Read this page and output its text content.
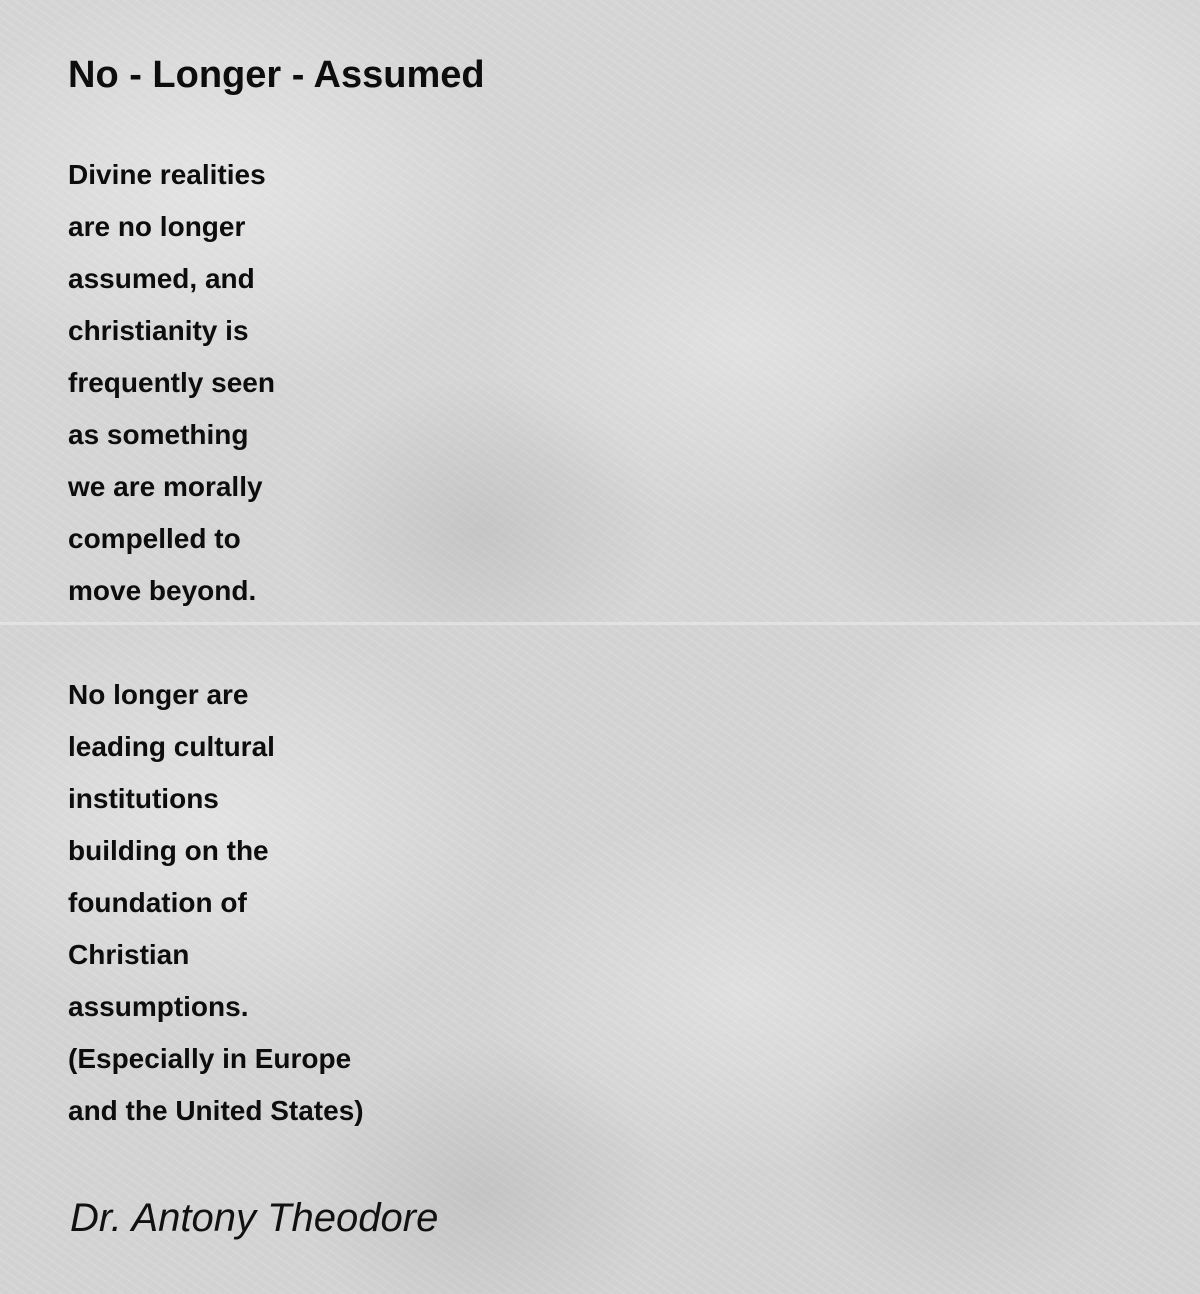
No - Longer - Assumed
Divine realities
are no longer
assumed, and
christianity is
frequently seen
as something
we are morally
compelled to
move beyond.
No longer are
leading cultural
institutions
building on the
foundation of
Christian
assumptions.
(Especially in Europe
and the United States)

Dr. Antony Theodore
